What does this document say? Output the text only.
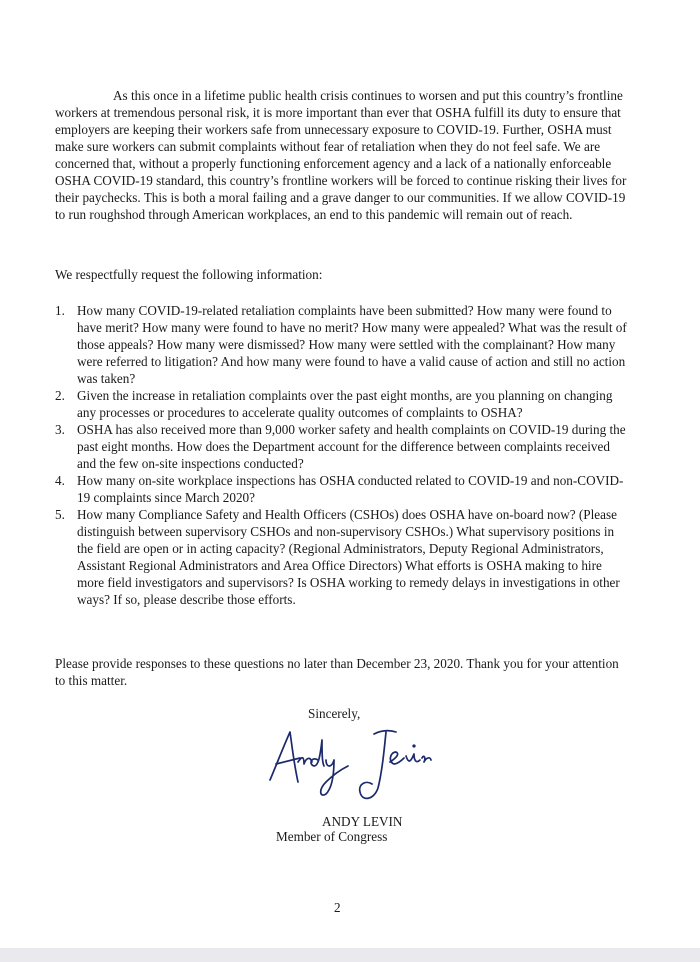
As this once in a lifetime public health crisis continues to worsen and put this country’s frontline workers at tremendous personal risk, it is more important than ever that OSHA fulfill its duty to ensure that employers are keeping their workers safe from unnecessary exposure to COVID-19. Further, OSHA must make sure workers can submit complaints without fear of retaliation when they do not feel safe. We are concerned that, without a properly functioning enforcement agency and a lack of a nationally enforceable OSHA COVID-19 standard, this country’s frontline workers will be forced to continue risking their lives for their paychecks. This is both a moral failing and a grave danger to our communities. If we allow COVID-19 to run roughshod through American workplaces, an end to this pandemic will remain out of reach.

We respectfully request the following information:

1. How many COVID-19-related retaliation complaints have been submitted? How many were found to have merit? How many were found to have no merit? How many were appealed? What was the result of those appeals? How many were dismissed? How many were settled with the complainant? How many were referred to litigation? And how many were found to have a valid cause of action and still no action was taken?
2. Given the increase in retaliation complaints over the past eight months, are you planning on changing any processes or procedures to accelerate quality outcomes of complaints to OSHA?
3. OSHA has also received more than 9,000 worker safety and health complaints on COVID-19 during the past eight months. How does the Department account for the difference between complaints received and the few on-site inspections conducted?
4. How many on-site workplace inspections has OSHA conducted related to COVID-19 and non-COVID-19 complaints since March 2020?
5. How many Compliance Safety and Health Officers (CSHOs) does OSHA have on-board now? (Please distinguish between supervisory CSHOs and non-supervisory CSHOs.) What supervisory positions in the field are open or in acting capacity? (Regional Administrators, Deputy Regional Administrators, Assistant Regional Administrators and Area Office Directors) What efforts is OSHA making to hire more field investigators and supervisors? Is OSHA working to remedy delays in investigations in other ways? If so, please describe those efforts.

Please provide responses to these questions no later than December 23, 2020. Thank you for your attention to this matter.

Sincerely,
ANDY LEVIN
Member of Congress
2
